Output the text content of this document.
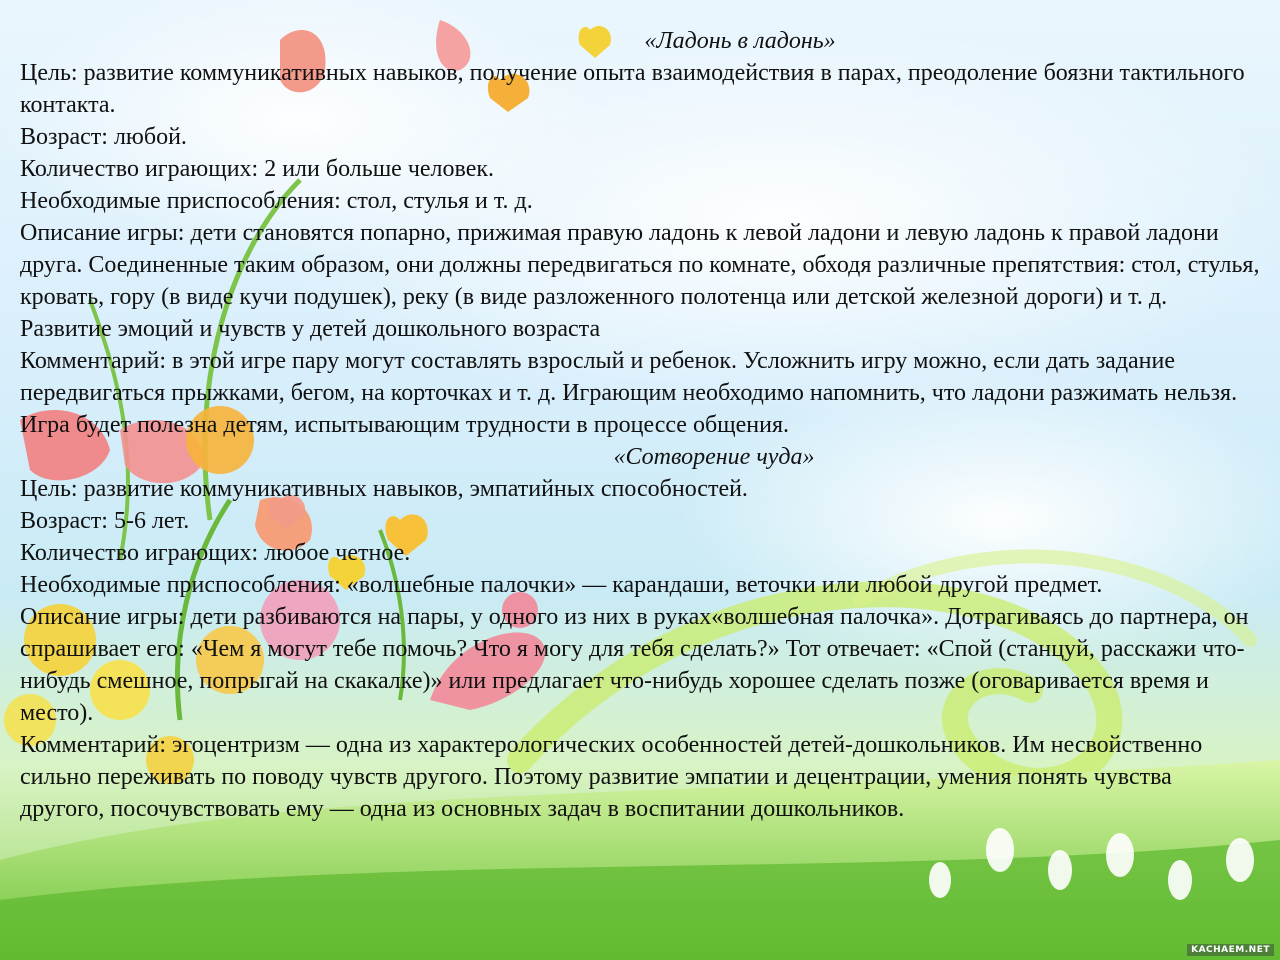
«Ладонь в ладонь»

Цель: развитие коммуникативных навыков, получение опыта взаимодействия в парах, преодоление боязни тактильного контакта.

Возраст: любой.

Количество играющих: 2 или больше человек.

Необходимые приспособления: стол, стулья и т. д.

Описание игры: дети становятся попарно, прижимая правую ладонь к левой ладони и левую ладонь к правой ладони друга. Соединенные таким образом, они должны передвигаться по комнате, обходя различные препятствия: стол, стулья, кровать, гору (в виде кучи подушек), реку (в виде разложенного полотенца или детской железной дороги) и т. д.

Развитие эмоций и чувств у детей дошкольного возраста

Комментарий: в этой игре пару могут составлять взрослый и ребенок. Усложнить игру можно, если дать задание передвигаться прыжками, бегом, на корточках и т. д. Играющим необходимо напомнить, что ладони разжимать нельзя.

Игра будет полезна детям, испытывающим трудности в процессе общения.

«Сотворение чуда»

Цель: развитие коммуникативных навыков, эмпатийных способностей.

Возраст: 5-6 лет.

Количество играющих: любое четное.

Необходимые приспособления: «волшебные палочки» — карандаши, веточки или любой другой предмет.

Описание игры: дети разбиваются на пары, у одного из них в руках«волшебная палочка». Дотрагиваясь до партнера, он спрашивает его: «Чем я могут тебе помочь? Что я могу для тебя сделать?» Тот отвечает: «Спой (станцуй, расскажи что-нибудь смешное, попрыгай на скакалке)» или предлагает что-нибудь хорошее сделать позже (оговаривается время и место).

Комментарий: эгоцентризм — одна из характерологических особенностей детей-дошкольников. Им несвойственно сильно переживать по поводу чувств другого. Поэтому развитие эмпатии и децентрации, умения понять чувства другого, посочувствовать ему — одна из основных задач в воспитании дошкольников.

KACHAEM.NET
